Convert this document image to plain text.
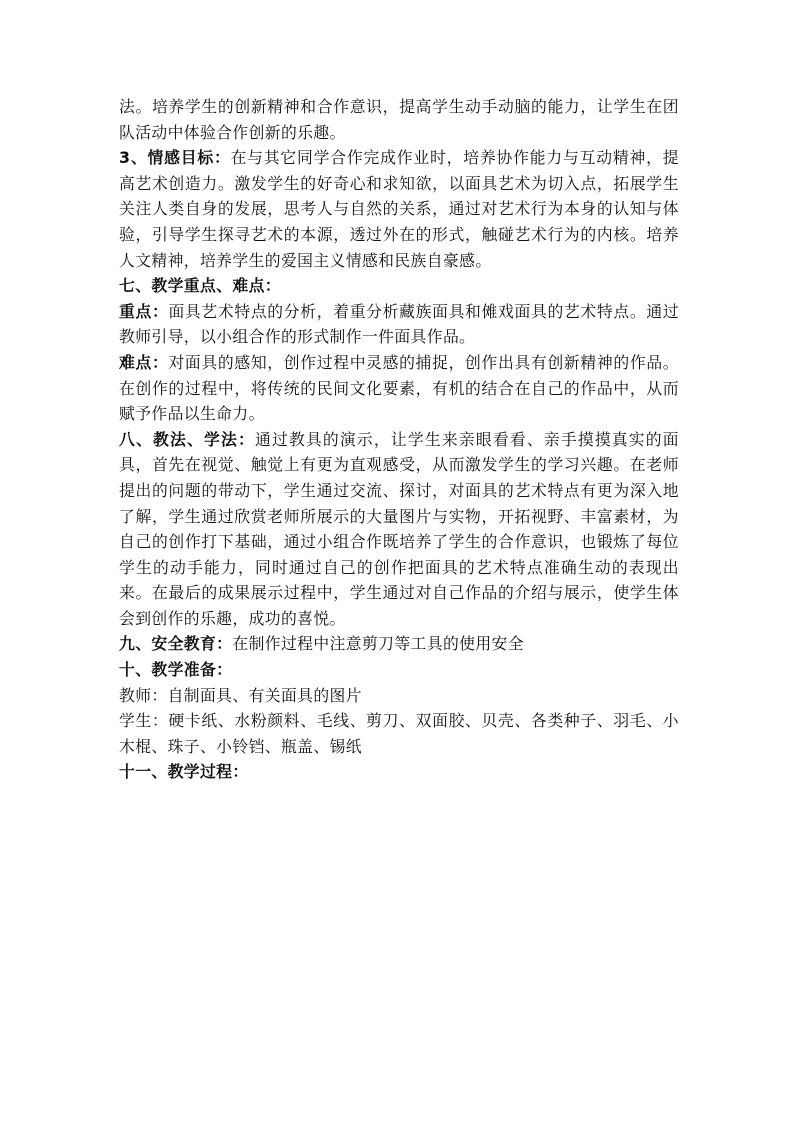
法。培养学生的创新精神和合作意识，提高学生动手动脑的能力，让学生在团队活动中体验合作创新的乐趣。

3、情感目标：在与其它同学合作完成作业时，培养协作能力与互动精神，提高艺术创造力。激发学生的好奇心和求知欲，以面具艺术为切入点，拓展学生关注人类自身的发展，思考人与自然的关系，通过对艺术行为本身的认知与体验，引导学生探寻艺术的本源，透过外在的形式，触碰艺术行为的内核。培养人文精神，培养学生的爱国主义情感和民族自豪感。

七、教学重点、难点：

重点：面具艺术特点的分析，着重分析藏族面具和傩戏面具的艺术特点。通过教师引导，以小组合作的形式制作一件面具作品。

难点：对面具的感知，创作过程中灵感的捕捉，创作出具有创新精神的作品。在创作的过程中，将传统的民间文化要素，有机的结合在自己的作品中，从而赋予作品以生命力。

八、教法、学法：通过教具的演示，让学生来亲眼看看、亲手摸摸真实的面具，首先在视觉、触觉上有更为直观感受，从而激发学生的学习兴趣。在老师提出的问题的带动下，学生通过交流、探讨，对面具的艺术特点有更为深入地了解，学生通过欣赏老师所展示的大量图片与实物，开拓视野、丰富素材，为自己的创作打下基础，通过小组合作既培养了学生的合作意识，也锻炼了每位学生的动手能力，同时通过自己的创作把面具的艺术特点准确生动的表现出来。在最后的成果展示过程中，学生通过对自己作品的介绍与展示，使学生体会到创作的乐趣，成功的喜悦。

九、安全教育：在制作过程中注意剪刀等工具的使用安全

十、教学准备：

教师：自制面具、有关面具的图片

学生：硬卡纸、水粉颜料、毛线、剪刀、双面胶、贝壳、各类种子、羽毛、小木棍、珠子、小铃铛、瓶盖、锡纸

十一、教学过程：
